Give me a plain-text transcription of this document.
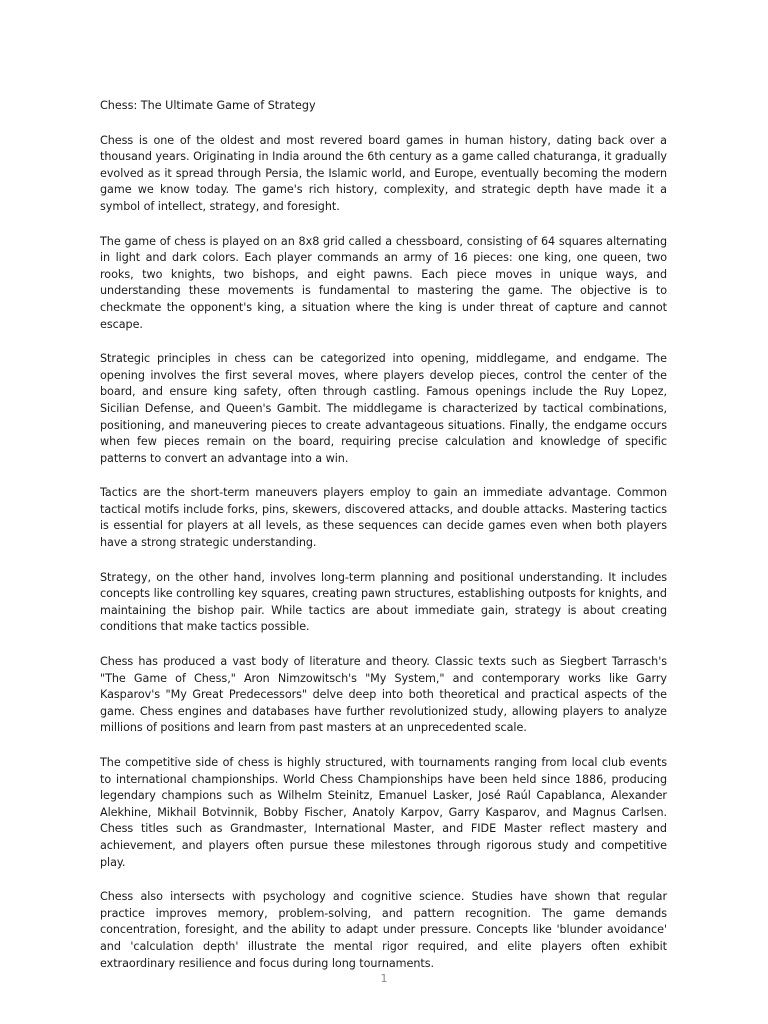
Chess: The Ultimate Game of Strategy

Chess is one of the oldest and most revered board games in human history, dating back over a thousand years. Originating in India around the 6th century as a game called chaturanga, it gradually evolved as it spread through Persia, the Islamic world, and Europe, eventually becoming the modern game we know today. The game's rich history, complexity, and strategic depth have made it a symbol of intellect, strategy, and foresight.

The game of chess is played on an 8x8 grid called a chessboard, consisting of 64 squares alternating in light and dark colors. Each player commands an army of 16 pieces: one king, one queen, two rooks, two knights, two bishops, and eight pawns. Each piece moves in unique ways, and understanding these movements is fundamental to mastering the game. The objective is to checkmate the opponent's king, a situation where the king is under threat of capture and cannot escape.

Strategic principles in chess can be categorized into opening, middlegame, and endgame. The opening involves the first several moves, where players develop pieces, control the center of the board, and ensure king safety, often through castling. Famous openings include the Ruy Lopez, Sicilian Defense, and Queen's Gambit. The middlegame is characterized by tactical combinations, positioning, and maneuvering pieces to create advantageous situations. Finally, the endgame occurs when few pieces remain on the board, requiring precise calculation and knowledge of specific patterns to convert an advantage into a win.

Tactics are the short-term maneuvers players employ to gain an immediate advantage. Common tactical motifs include forks, pins, skewers, discovered attacks, and double attacks. Mastering tactics is essential for players at all levels, as these sequences can decide games even when both players have a strong strategic understanding.

Strategy, on the other hand, involves long-term planning and positional understanding. It includes concepts like controlling key squares, creating pawn structures, establishing outposts for knights, and maintaining the bishop pair. While tactics are about immediate gain, strategy is about creating conditions that make tactics possible.

Chess has produced a vast body of literature and theory. Classic texts such as Siegbert Tarrasch's "The Game of Chess," Aron Nimzowitsch's "My System," and contemporary works like Garry Kasparov's "My Great Predecessors" delve deep into both theoretical and practical aspects of the game. Chess engines and databases have further revolutionized study, allowing players to analyze millions of positions and learn from past masters at an unprecedented scale.

The competitive side of chess is highly structured, with tournaments ranging from local club events to international championships. World Chess Championships have been held since 1886, producing legendary champions such as Wilhelm Steinitz, Emanuel Lasker, José Raúl Capablanca, Alexander Alekhine, Mikhail Botvinnik, Bobby Fischer, Anatoly Karpov, Garry Kasparov, and Magnus Carlsen. Chess titles such as Grandmaster, International Master, and FIDE Master reflect mastery and achievement, and players often pursue these milestones through rigorous study and competitive play.

Chess also intersects with psychology and cognitive science. Studies have shown that regular practice improves memory, problem-solving, and pattern recognition. The game demands concentration, foresight, and the ability to adapt under pressure. Concepts like 'blunder avoidance' and 'calculation depth' illustrate the mental rigor required, and elite players often exhibit extraordinary resilience and focus during long tournaments.

1
